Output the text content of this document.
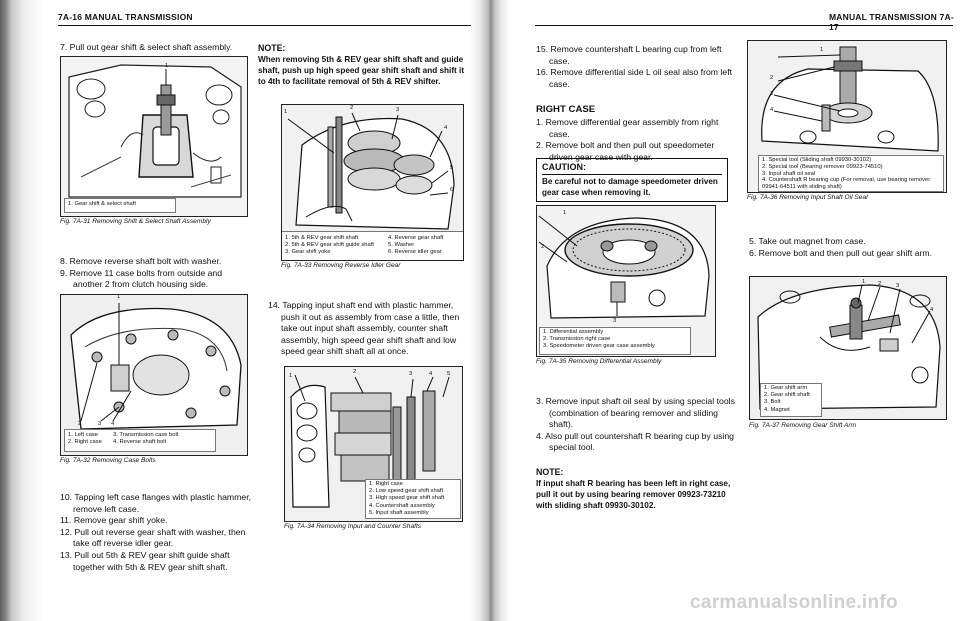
7A-16 MANUAL TRANSMISSION
7. Pull out gear shift & select shaft assembly.
1
1. Gear shift & select shaft
Fig. 7A-31 Removing Shift & Select Shaft Assembly
8. Remove reverse shaft bolt with washer.
9. Remove 11 case bolts from outside and another 2 from clutch housing side.
1
2	3 4
1. Left case
2. Right case
3. Transmission case bolt
4. Reverse shaft bolt
Fig. 7A-32 Removing Case Bolts
10. Tapping left case flanges with plastic hammer, remove left case.
11. Remove gear shift yoke.
12. Pull out reverse gear shaft with washer, then take off reverse idler gear.
13. Pull out 5th & REV gear shift guide shaft together with 5th & REV gear shift shaft.
NOTE:
When removing 5th & REV gear shift shaft and guide shaft, push up high speed gear shift shaft and shift it to 4th to facilitate removal of 5th & REV shifter.
1
2	3
4
5
6
1. 5th & REV gear shift shaft
2. 5th & REV gear shift guide shaft
3. Gear shift yoke
4. Reverse gear shaft
5. Washer
6. Reverse idler gear
Fig. 7A-33 Removing Reverse Idler Gear
14. Tapping input shaft end with plastic hammer, push it out as assembly from case a little, then take out input shaft assembly, counter shaft assembly, high speed gear shift shaft and low speed gear shift shaft all at once.
1
2	3	4	5
1. Right case
2. Low speed gear shift shaft
3. High speed gear shift shaft
4. Countershaft assembly
5. Input shaft assembly
Fig. 7A-34 Removing Input and Counter Shafts
MANUAL TRANSMISSION 7A-17
15. Remove countershaft L bearing cup from left case.
16. Remove differential side L oil seal also from left case.
RIGHT CASE
1. Remove differential gear assembly from right case.
2. Remove bolt and then pull out speedometer driven gear case with gear.
CAUTION:
Be careful not to damage speedometer driven gear case when removing it.
1
2
3
1. Differential assembly
2. Transmission right case
3. Speedometer driven gear case assembly
Fig. 7A-35 Removing Differential Assembly
3. Remove input shaft oil seal by using special tools (combination of bearing remover and sliding shaft).
4. Also pull out countershaft R bearing cup by using special tool.
NOTE:
If input shaft R bearing has been left in right case, pull it out by using bearing remover 09923-73210 with sliding shaft 09930-30102.
1
2
3
4
1. Special tool (Sliding shaft 09930-30102)
2. Special tool (Bearing remover 09923-74510)
3. Input shaft oil seal
4. Countershaft R bearing cup (For removal, use bearing remover 09941-64511 with sliding shaft)
Fig. 7A-36 Removing Input Shaft Oil Seal
5. Take out magnet from case.
6. Remove bolt and then pull out gear shift arm.
1 2	3
4
1. Gear shift arm
2. Gear shift shaft
3. Bolt
4. Magnet
Fig. 7A-37 Removing Gear Shift Arm
carmanualsonline.info
